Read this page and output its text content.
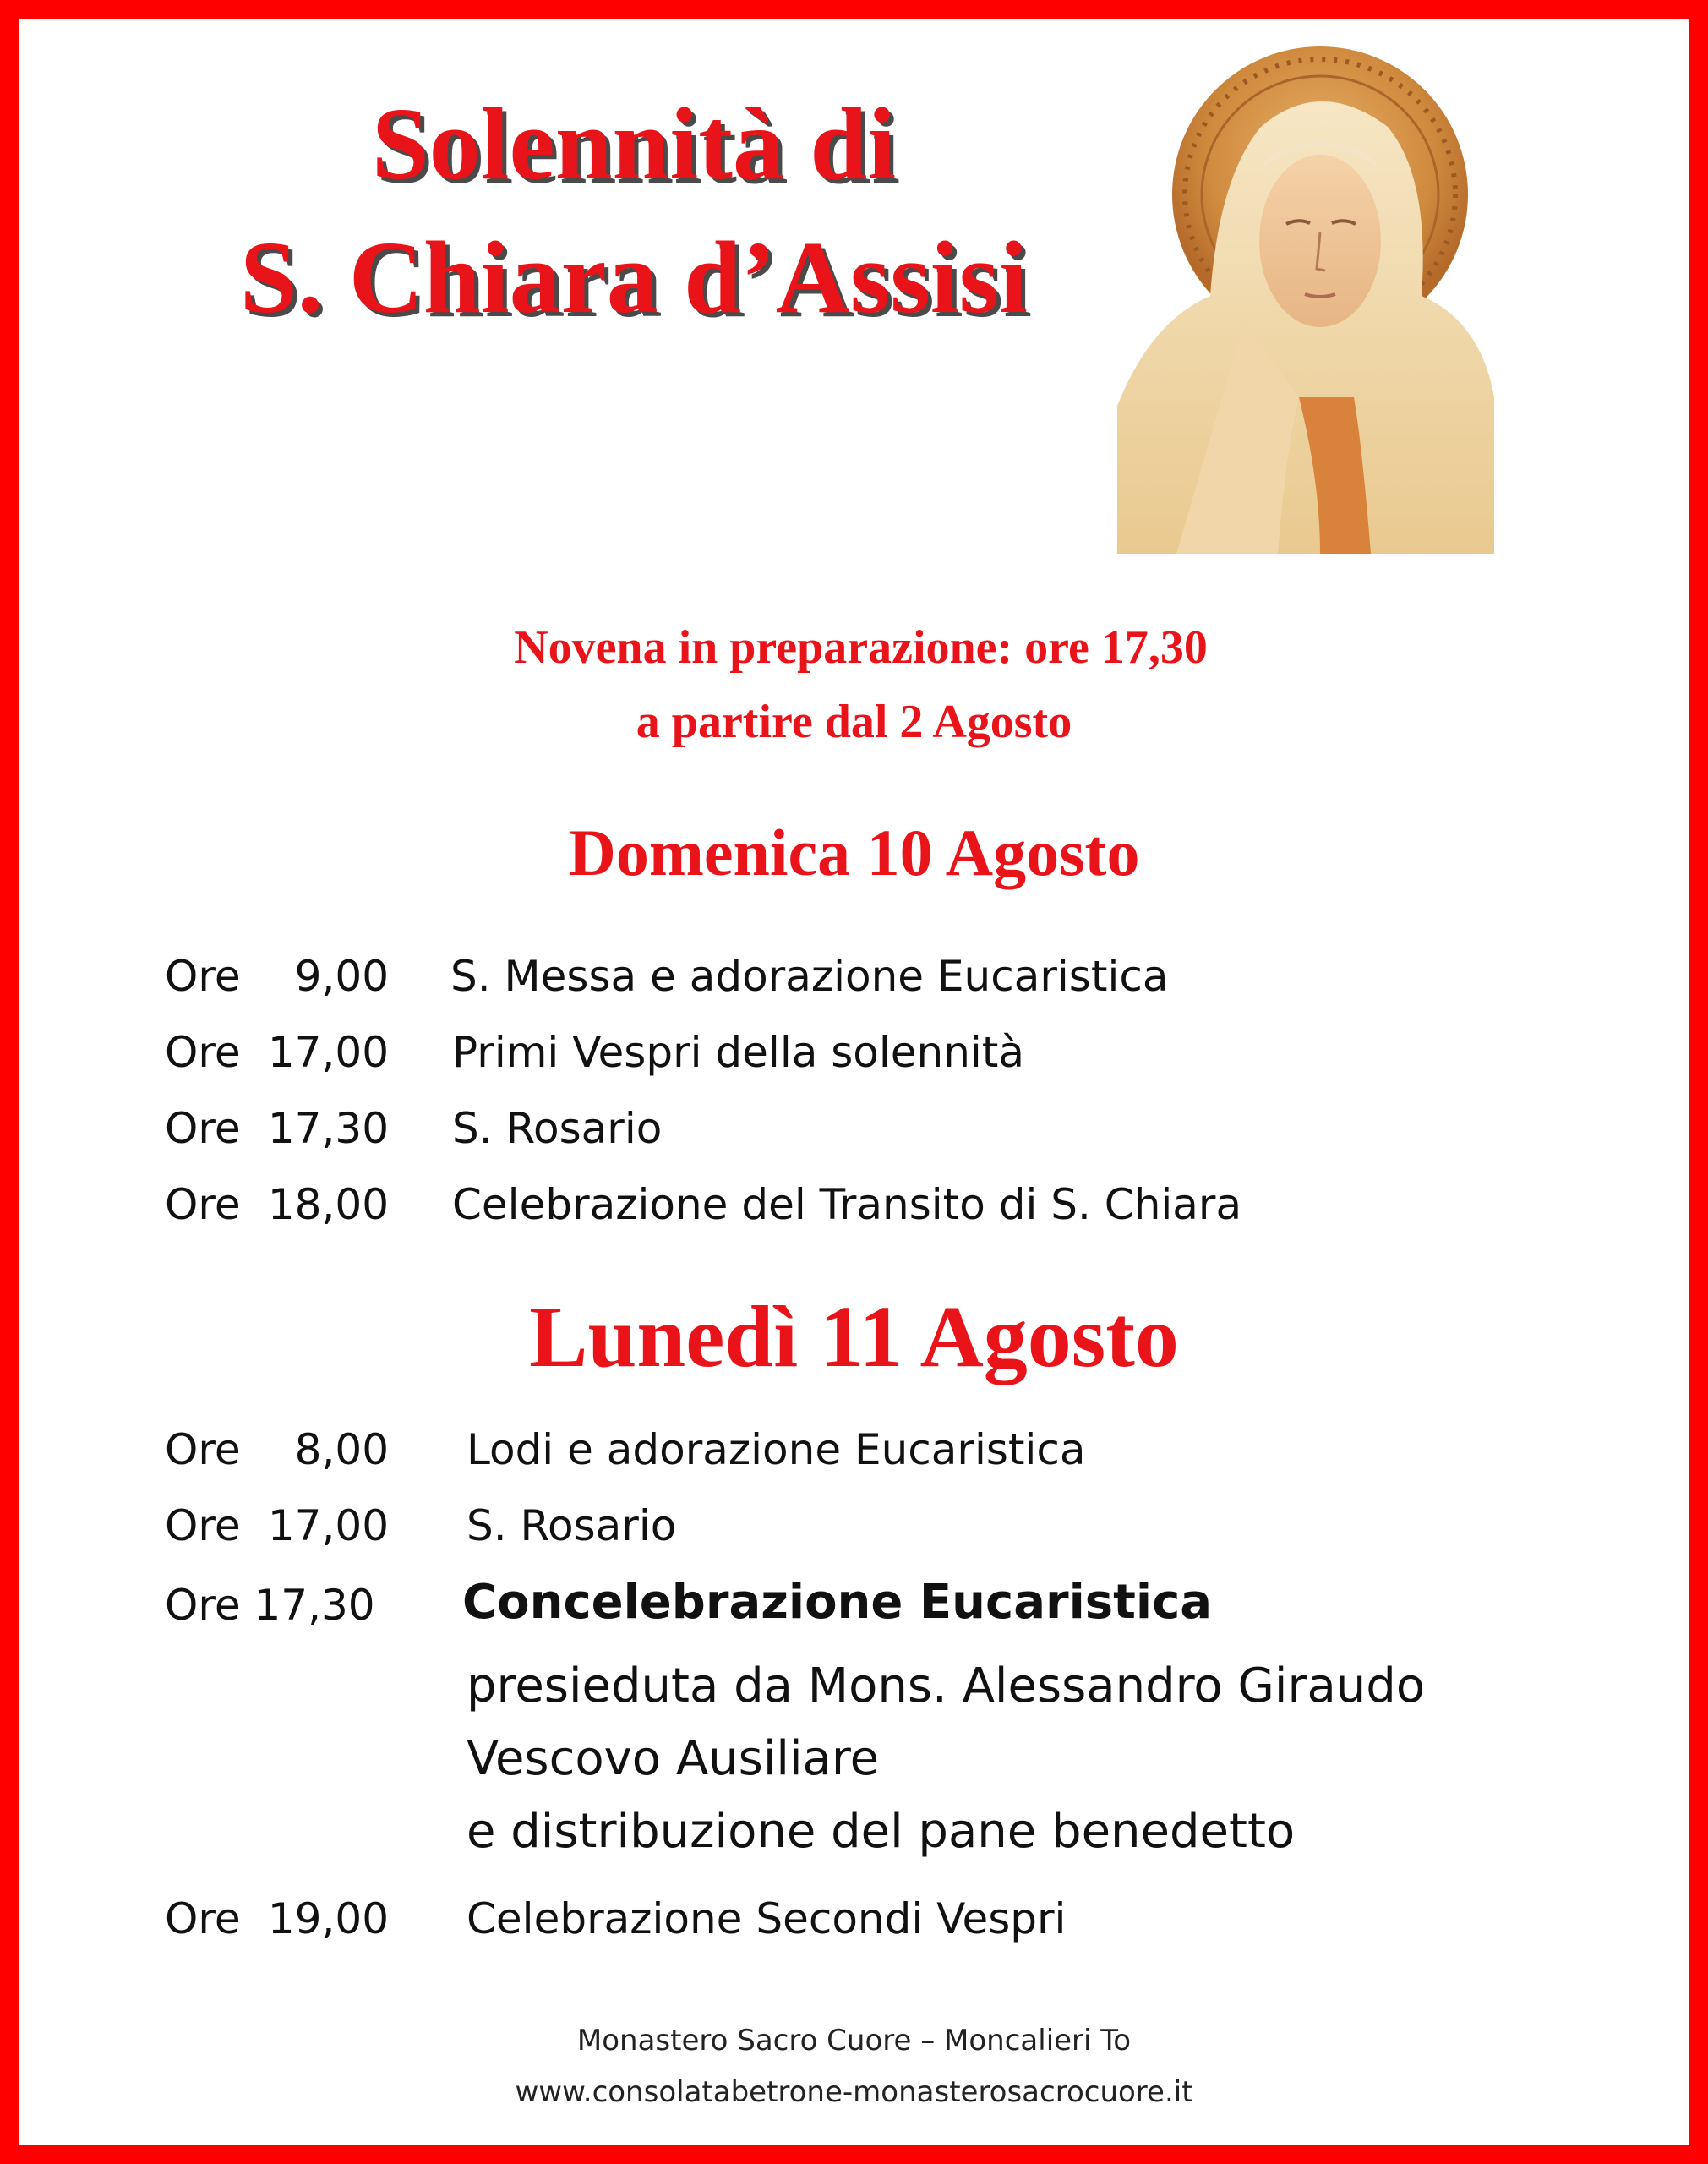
Solennità di
S. Chiara d’Assisi
Novena in preparazione: ore 17,30
a partire dal 2 Agosto
Domenica 10 Agosto

Ore

	9,00

S. Messa e adorazione Eucaristica

Ore

17,00

Primi Vespri della solennità

Ore

17,30

S. Rosario

Ore

18,00

Celebrazione del Transito di S. Chiara

Lunedì 11 Agosto

Ore

	8,00

Lodi e adorazione Eucaristica

Ore

17,00

S. Rosario

Ore 17,30

Concelebrazione Eucaristica

presieduta da Mons. Alessandro Giraudo
Vescovo Ausiliare
e distribuzione del pane benedetto

Ore

19,00

Celebrazione Secondi Vespri

Monastero Sacro Cuore – Moncalieri To
www.consolatabetrone-monasterosacrocuore.it
